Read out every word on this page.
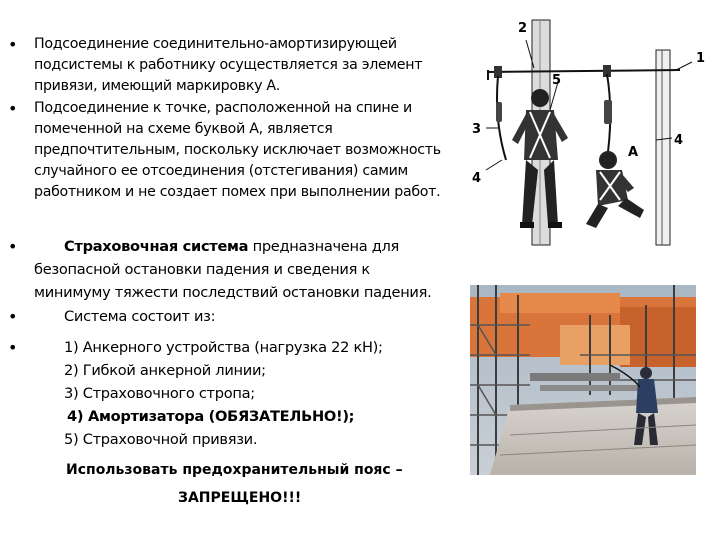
• Подсоединение соединительно-амортизирующей
подсистемы к работнику осуществляется за элемент
привязи, имеющий маркировку А.
• Подсоединение к точке, расположенной на спине и
помеченной на схеме буквой А, является
предпочтительным, поскольку исключает возможность
случайного ее отсоединения (отстегивания) самим
работником и не создает помех при выполнении работ.
• Страховочная система предназначена для
безопасной остановки падения и сведения к
минимуму тяжести последствий остановки падения.
• Система состоит из:
• 1) Анкерного устройства (нагрузка 22 кН);
2) Гибкой анкерной линии;
3) Страховочного стропа;
4) Амортизатора (ОБЯЗАТЕЛЬНО!);
5) Страховочной привязи.
Использовать предохранительный пояс –
ЗАПРЕЩЕНО!!!
2
1
3
4
4
5
A
